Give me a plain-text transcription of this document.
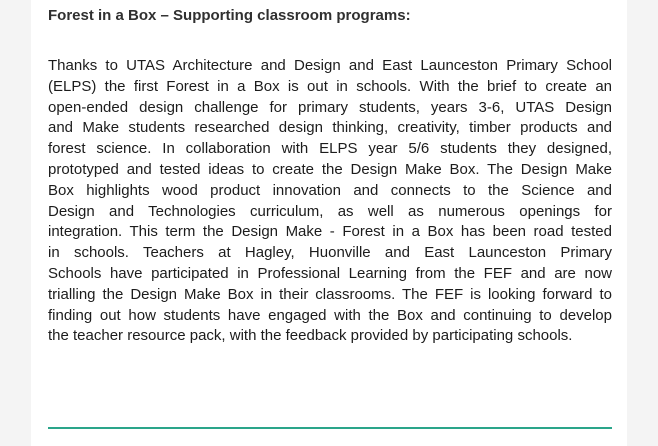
Forest in a Box – Supporting classroom programs:

Thanks to UTAS Architecture and Design and East Launceston Primary School
(ELPS) the first Forest in a Box is out in schools. With the brief to create an
open-ended design challenge for primary students, years 3-6, UTAS Design
and Make students researched design thinking, creativity, timber products and
forest science. In collaboration with ELPS year 5/6 students they designed,
prototyped and tested ideas to create the Design Make Box. The Design Make
Box highlights wood product innovation and connects to the Science and
Design and Technologies curriculum, as well as numerous openings for
integration. This term the Design Make - Forest in a Box has been road tested
in schools. Teachers at Hagley, Huonville and East Launceston Primary
Schools have participated in Professional Learning from the FEF and are now
trialling the Design Make Box in their classrooms. The FEF is looking forward to
finding out how students have engaged with the Box and continuing to develop
the teacher resource pack, with the feedback provided by participating schools.
